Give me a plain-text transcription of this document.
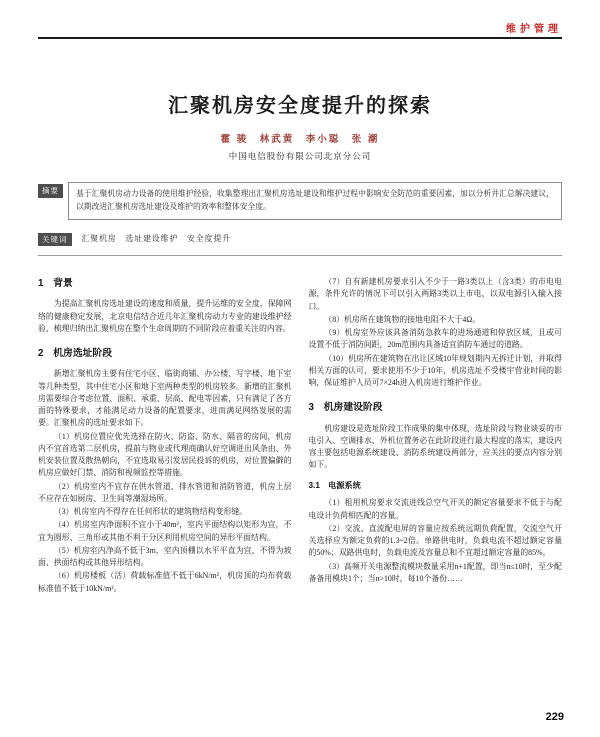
维护管理
汇聚机房安全度提升的探索
霍 骏　林武黄　李小聪　张 潮
中国电信股份有限公司北京分公司
摘要	基于汇聚机房动力设备的使用维护经验，收集整理出汇聚机房选址建设和维护过程中影响安全防范的重要因素，加以分析并汇总解决建议，以期改进汇聚机房选址建设及维护的效率和整体安全度。
关键词	汇聚机房　选址建设维护　安全度提升
1　背景

为提高汇聚机房选址建设的速度和质量，提升运维的安全度，保障网络的健康稳定发展，北京电信结合近几年汇聚机房动力专业的建设维护经验，梳理归纳出汇聚机房在整个生命周期的不同阶段应着重关注的内容。

2　机房选址阶段

新增汇聚机房主要有住宅小区、临街商铺、办公楼、写字楼、地下室等几种类型，其中住宅小区和地下室两种类型的机房较多。新增的汇聚机房需要综合考虑位置、面积、承重、层高、配电等因素，只有满足了各方面的特殊要求，才能满足动力设备的配置要求，进而满足网络发展的需要。汇聚机房的选址要求如下。

（1）机房位置应优先选择在防火、防盗、防水、隔音的房间，机房内不宜首选第二层机房，提前与物业或代理商确认好空调进出风条由、外机安装位置及散热朝向，不宜选取易引发居民投诉的机房，对位置偏僻的机房应做好门禁、消防和视频监控等措施。

（2）机房室内不宜存在供水管道、排水管道和消防管道，机房上层不应存在如厨房、卫生间等潮湿场所。

（3）机房室内不得存在任何形状的建筑物结构变形缝。

（4）机房室内净面积不宜小于40m²，室内平面结构以矩形为宜，不宜为圆形、三角形或其他不利于分区利用机房空间的异形平面结构。

（5）机房室内净高不低于3m，室内顶棚以水平平直为宜，不得为坡面、拱面结构或其他异形结构。

（6）机房楼板（活）荷载标准值不低于6kN/m²，机房顶的均布荷载标准值不低于10kN/m²。

（7）自有新建机房要求引入不少于一路3类以上（含3类）的市电电源，条件允许的情况下可以引入两路3类以上市电，以双电源引入输入接口。

（8）机房所在建筑物的接地电阻不大于4Ω。

（9）机房室外应该具备消防急救车的进场通道和停放区域，且或可设置不低于消防间距，20m范围内具备适宜消防车通过的道路。

（10）机房所在建筑物在出让区域10年规划期内无拆迁计划，并取得相关方面的认可，要求使用不少于10年，机房选址不受楼宇营业时间的影响，保证维护人员可7×24h进入机房进行维护作业。

3　机房建设阶段

机房建设是选址阶段工作成果的集中体现，选址阶段与物业谈妥的市电引入、空调排水、外机位置务必在此阶段进行最大程度的落实，建设内容主要包括电源系统建设、消防系统建设两部分，应关注的要点内容分别如下。

3.1　电源系统

（1）租用机房要求交流进线总空气开关的额定容量要求不低于与配电设计负荷相匹配的容量。

（2）交流、直流配电屏的容量应按系统远期负荷配置，交流空气开关选择应为额定负荷的1.3~2倍。单路供电时，负载电流不超过额定容量的50%；双路供电时，负载电流及容量总和不宜超过额定容量的85%。

（3）高频开关电源整流模块数量采用n+1配置，即当n≤10时，至少配备备用模块1个；当n>10时，每10个备份……

229
